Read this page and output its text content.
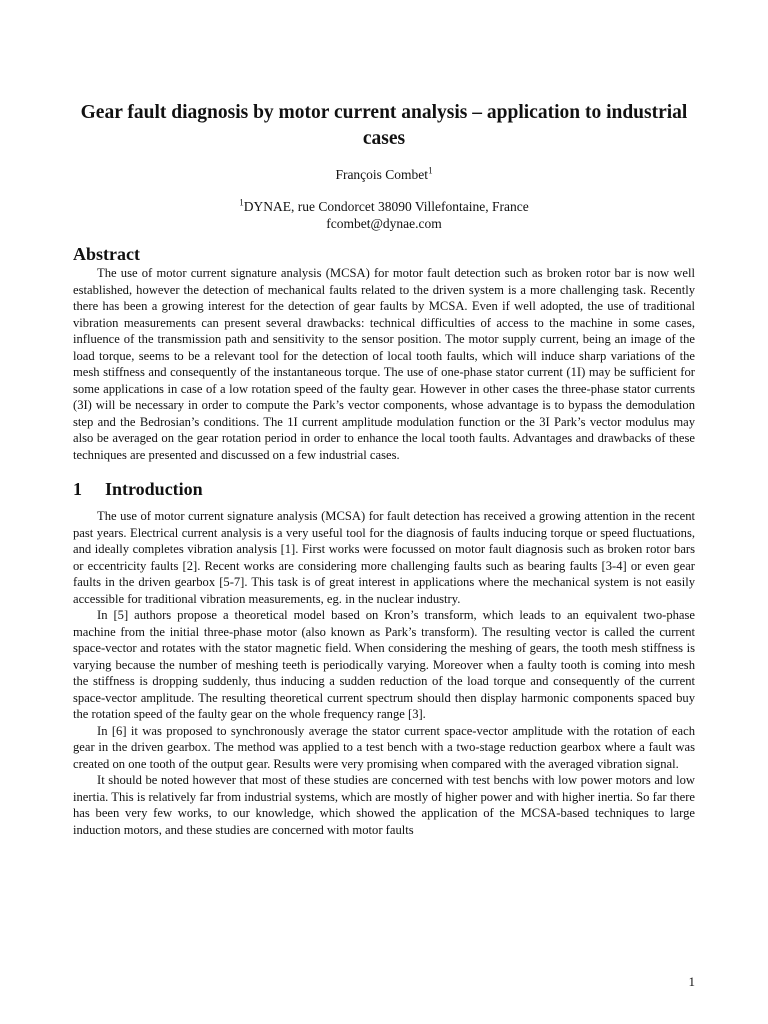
Gear fault diagnosis by motor current analysis – application to industrial cases
François Combet$^1$
$^1$DYNAE, rue Condorcet 38090 Villefontaine, France
fcombet@dynae.com
Abstract

The use of motor current signature analysis (MCSA) for motor fault detection such as broken rotor bar is now well established, however the detection of mechanical faults related to the driven system is a more challenging task. Recently there has been a growing interest for the detection of gear faults by MCSA. Even if well adopted, the use of traditional vibration measurements can present several drawbacks: technical difficulties of access to the machine in some cases, influence of the transmission path and sensitivity to the sensor position. The motor supply current, being an image of the load torque, seems to be a relevant tool for the detection of local tooth faults, which will induce sharp variations of the mesh stiffness and consequently of the instantaneous torque. The use of one-phase stator current (1I) may be sufficient for some applications in case of a low rotation speed of the faulty gear. However in other cases the three-phase stator currents (3I) will be necessary in order to compute the Park’s vector components, whose advantage is to bypass the demodulation step and the Bedrosian’s conditions. The 1I current amplitude modulation function or the 3I Park’s vector modulus may also be averaged on the gear rotation period in order to enhance the local tooth faults. Advantages and drawbacks of these techniques are presented and discussed on a few industrial cases.

1 Introduction

The use of motor current signature analysis (MCSA) for fault detection has received a growing attention in the recent past years. Electrical current analysis is a very useful tool for the diagnosis of faults inducing torque or speed fluctuations, and ideally completes vibration analysis [1]. First works were focussed on motor fault diagnosis such as broken rotor bars or eccentricity faults [2]. Recent works are considering more challenging faults such as bearing faults [3-4] or even gear faults in the driven gearbox [5-7]. This task is of great interest in applications where the mechanical system is not easily accessible for traditional vibration measurements, eg. in the nuclear industry.

In [5] authors propose a theoretical model based on Kron’s transform, which leads to an equivalent two-phase machine from the initial three-phase motor (also known as Park’s transform). The resulting vector is called the current space-vector and rotates with the stator magnetic field. When considering the meshing of gears, the tooth mesh stiffness is varying because the number of meshing teeth is periodically varying. Moreover when a faulty tooth is coming into mesh the stiffness is dropping suddenly, thus inducing a sudden reduction of the load torque and consequently of the current space-vector amplitude. The resulting theoretical current spectrum should then display harmonic components spaced buy the rotation speed of the faulty gear on the whole frequency range [3].

In [6] it was proposed to synchronously average the stator current space-vector amplitude with the rotation of each gear in the driven gearbox. The method was applied to a test bench with a two-stage reduction gearbox where a fault was created on one tooth of the output gear. Results were very promising when compared with the averaged vibration signal.

It should be noted however that most of these studies are concerned with test benchs with low power motors and low inertia. This is relatively far from industrial systems, which are mostly of higher power and with higher inertia. So far there has been very few works, to our knowledge, which showed the application of the MCSA-based techniques to large induction motors, and these studies are concerned with motor faults

1
